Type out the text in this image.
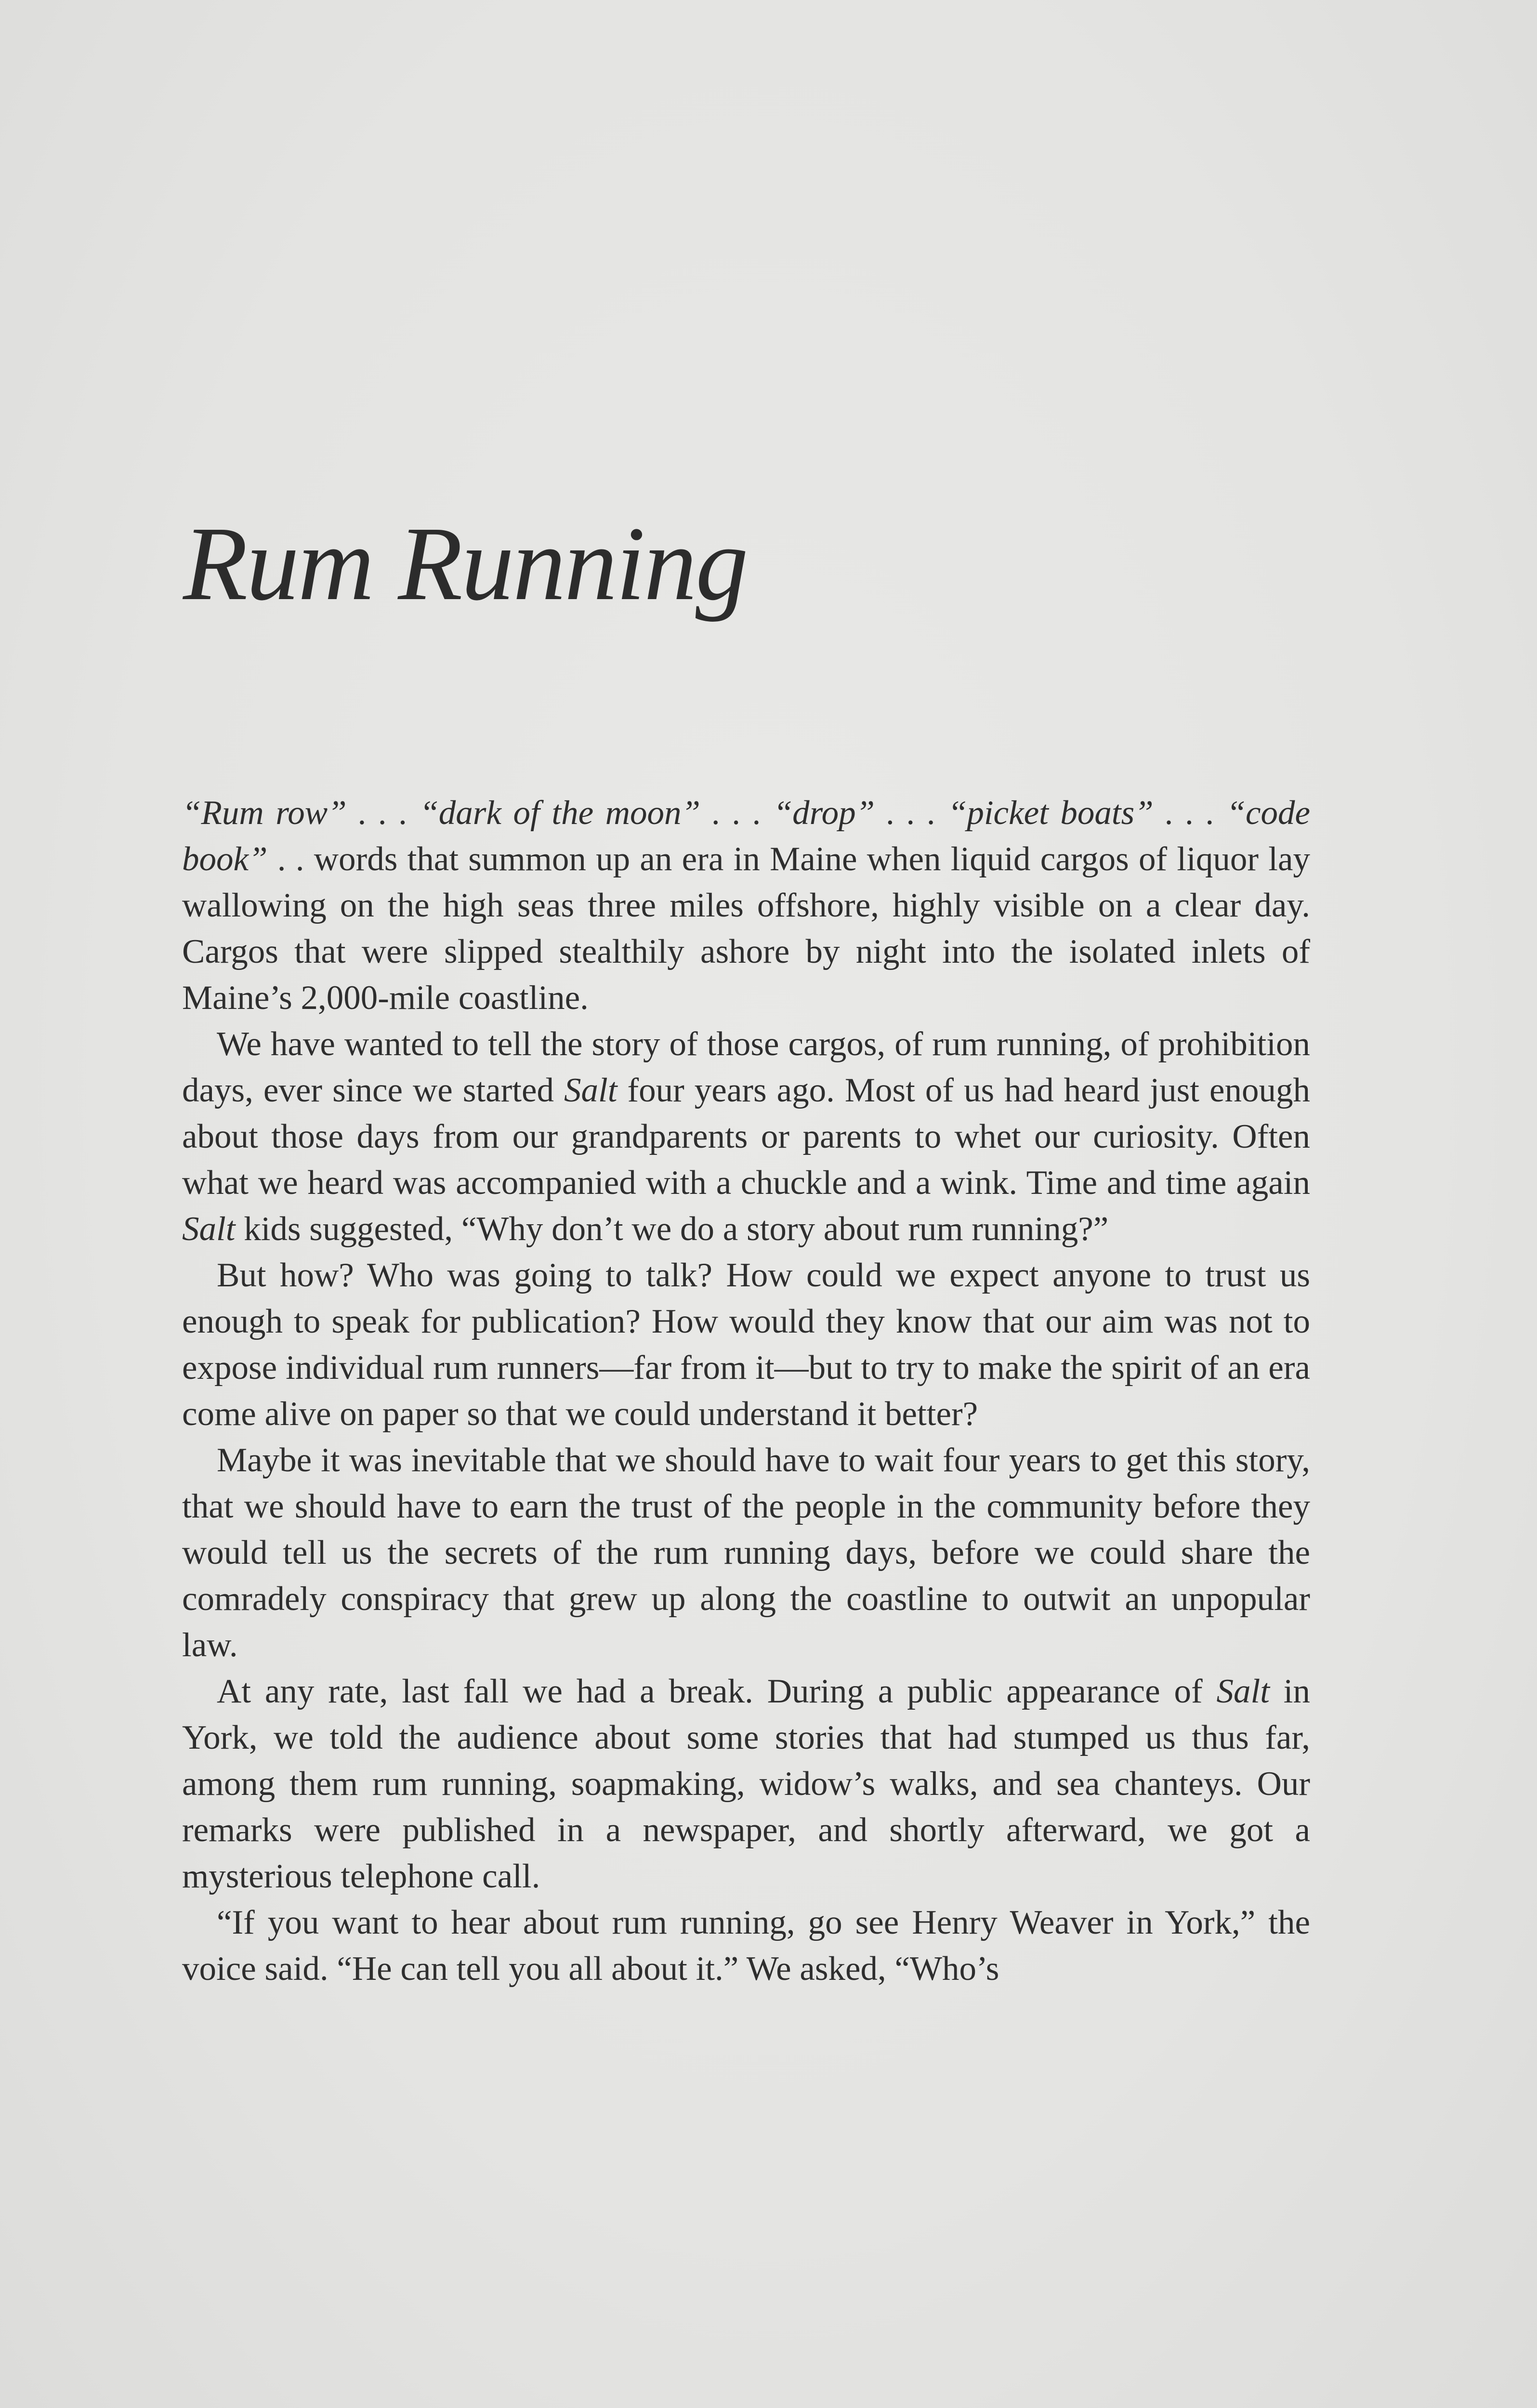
Rum Running

“Rum row” . . . “dark of the moon” . . . “drop” . . . “picket boats” . . . “code book” . . words that summon up an era in Maine when liquid cargos of liquor lay wallowing on the high seas three miles offshore, highly visible on a clear day. Cargos that were slipped stealthily ashore by night into the isolated inlets of Maine’s 2,000-mile coastline.

We have wanted to tell the story of those cargos, of rum running, of prohibition days, ever since we started Salt four years ago. Most of us had heard just enough about those days from our grandparents or parents to whet our curiosity. Often what we heard was accompanied with a chuckle and a wink. Time and time again Salt kids suggested, “Why don’t we do a story about rum running?”

But how? Who was going to talk? How could we expect anyone to trust us enough to speak for publication? How would they know that our aim was not to expose individual rum runners—far from it—but to try to make the spirit of an era come alive on paper so that we could understand it better?

Maybe it was inevitable that we should have to wait four years to get this story, that we should have to earn the trust of the people in the community before they would tell us the secrets of the rum running days, before we could share the comradely conspiracy that grew up along the coastline to outwit an unpopular law.

At any rate, last fall we had a break. During a public appearance of Salt in York, we told the audience about some stories that had stumped us thus far, among them rum running, soapmaking, widow’s walks, and sea chanteys. Our remarks were published in a newspaper, and shortly afterward, we got a mysterious telephone call.

“If you want to hear about rum running, go see Henry Weaver in York,” the voice said. “He can tell you all about it.” We asked, “Who’s
